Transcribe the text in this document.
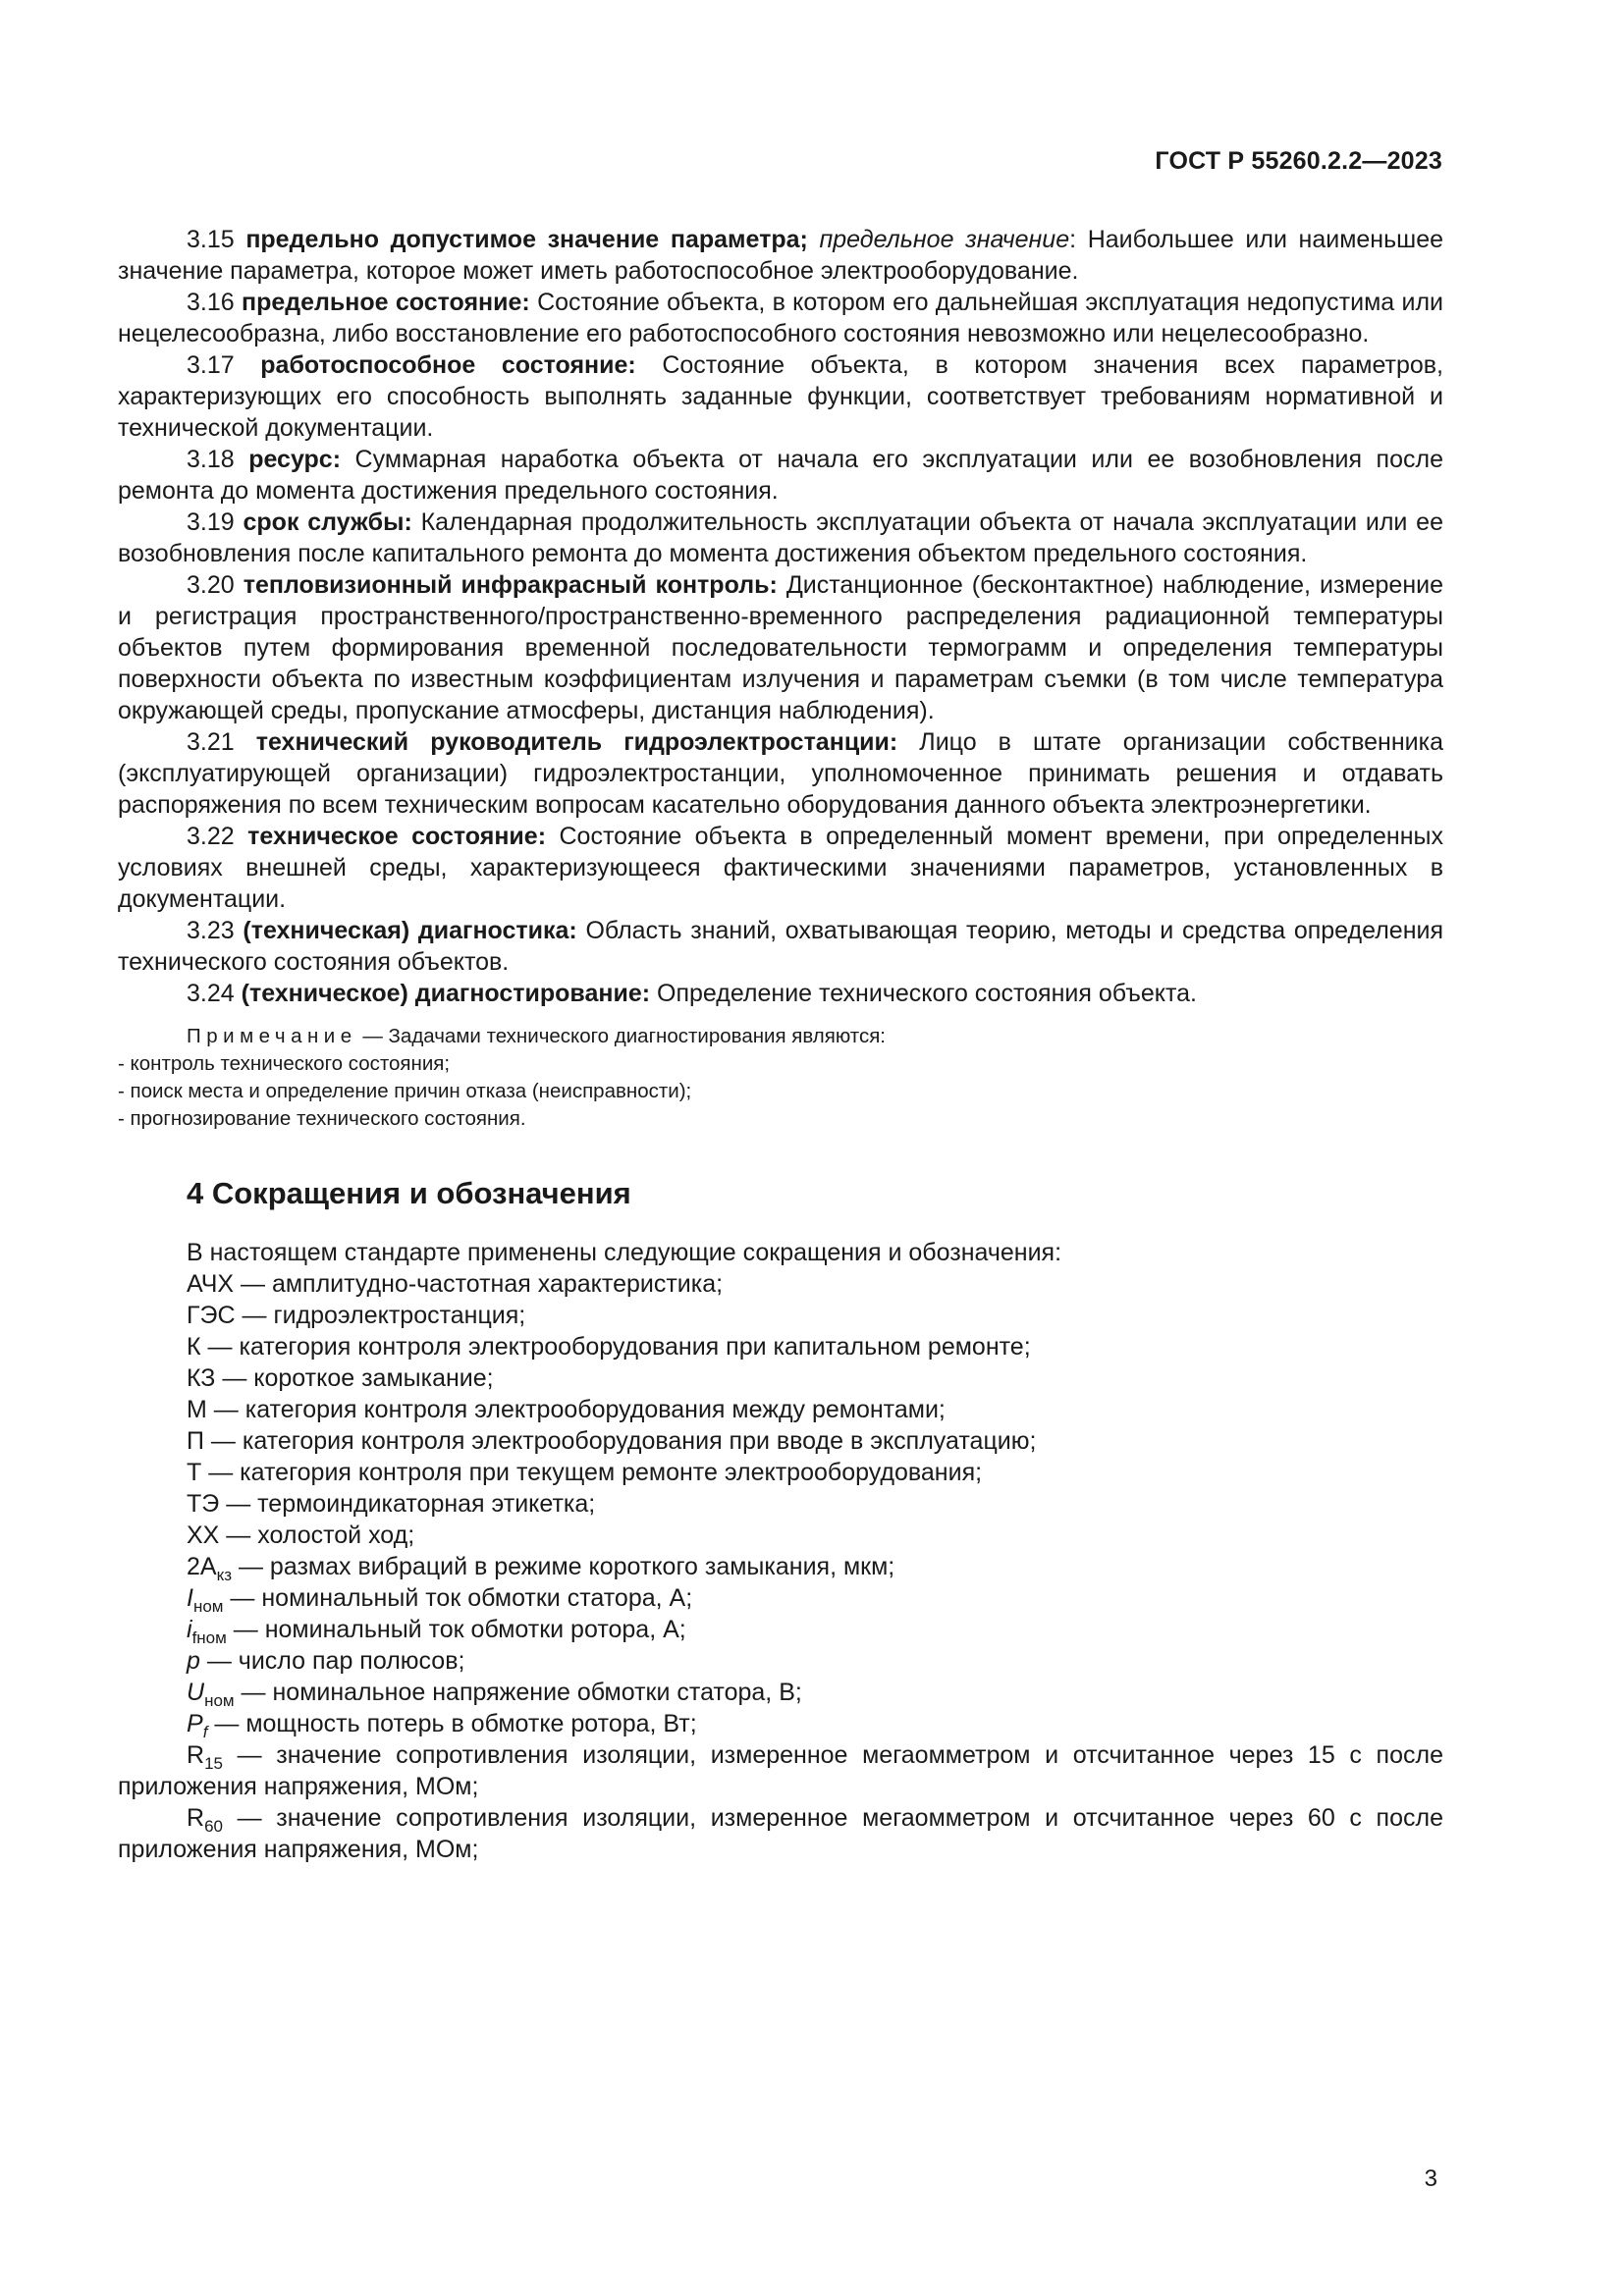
ГОСТ Р 55260.2.2—2023

3.15 предельно допустимое значение параметра; предельное значение: Наибольшее или наименьшее значение параметра, которое может иметь работоспособное электрооборудование.

3.16 предельное состояние: Состояние объекта, в котором его дальнейшая эксплуатация недопустима или нецелесообразна, либо восстановление его работоспособного состояния невозможно или нецелесообразно.

3.17 работоспособное состояние: Состояние объекта, в котором значения всех параметров, характеризующих его способность выполнять заданные функции, соответствует требованиям нормативной и технической документации.

3.18 ресурс: Суммарная наработка объекта от начала его эксплуатации или ее возобновления после ремонта до момента достижения предельного состояния.

3.19 срок службы: Календарная продолжительность эксплуатации объекта от начала эксплуатации или ее возобновления после капитального ремонта до момента достижения объектом предельного состояния.

3.20 тепловизионный инфракрасный контроль: Дистанционное (бесконтактное) наблюдение, измерение и регистрация пространственного/пространственно-временного распределения радиационной температуры объектов путем формирования временной последовательности термограмм и определения температуры поверхности объекта по известным коэффициентам излучения и параметрам съемки (в том числе температура окружающей среды, пропускание атмосферы, дистанция наблюдения).

3.21 технический руководитель гидроэлектростанции: Лицо в штате организации собственника (эксплуатирующей организации) гидроэлектростанции, уполномоченное принимать решения и отдавать распоряжения по всем техническим вопросам касательно оборудования данного объекта электроэнергетики.

3.22 техническое состояние: Состояние объекта в определенный момент времени, при определенных условиях внешней среды, характеризующееся фактическими значениями параметров, установленных в документации.

3.23 (техническая) диагностика: Область знаний, охватывающая теорию, методы и средства определения технического состояния объектов.

3.24 (техническое) диагностирование: Определение технического состояния объекта.

Примечание — Задачами технического диагностирования являются:
- контроль технического состояния;
- поиск места и определение причин отказа (неисправности);
- прогнозирование технического состояния.
4 Сокращения и обозначения
В настоящем стандарте применены следующие сокращения и обозначения:

АЧХ — амплитудно-частотная характеристика;

ГЭС — гидроэлектростанция;

К — категория контроля электрооборудования при капитальном ремонте;

КЗ — короткое замыкание;

М — категория контроля электрооборудования между ремонтами;

П — категория контроля электрооборудования при вводе в эксплуатацию;

Т — категория контроля при текущем ремонте электрооборудования;

ТЭ — термоиндикаторная этикетка;

ХХ — холостой ход;

$2A_{кз}$ — размах вибраций в режиме короткого замыкания, мкм;

$I_{ном}$ — номинальный ток обмотки статора, А;

$i_{fном}$ — номинальный ток обмотки ротора, А;

p — число пар полюсов;

$U_{ном}$ — номинальное напряжение обмотки статора, В;

$P_f$ — мощность потерь в обмотке ротора, Вт;

$R_{15}$ — значение сопротивления изоляции, измеренное мегаомметром и отсчитанное через 15 с после приложения напряжения, МОм;

$R_{60}$ — значение сопротивления изоляции, измеренное мегаомметром и отсчитанное через 60 с после приложения напряжения, МОм;

3
